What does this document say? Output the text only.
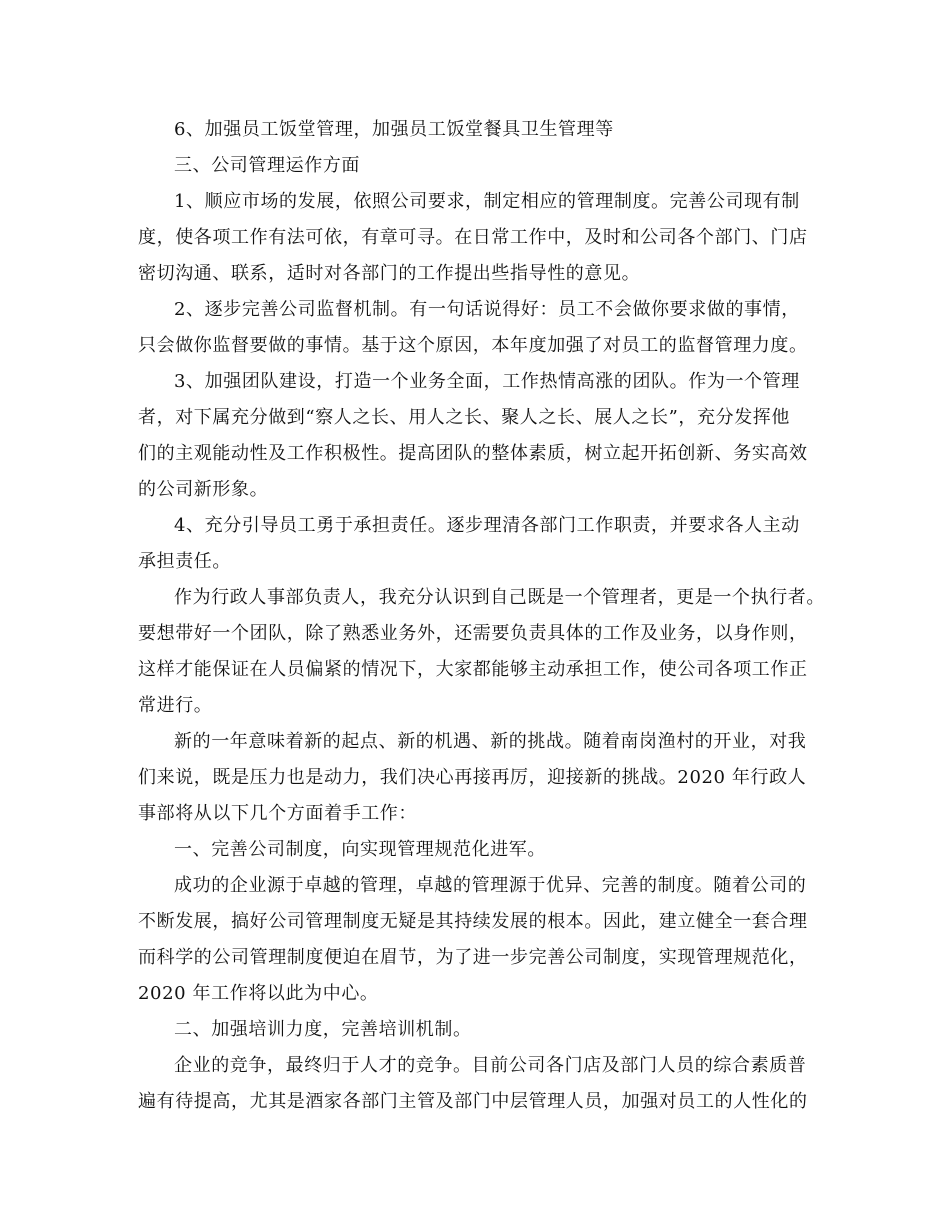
6、加强员工饭堂管理，加强员工饭堂餐具卫生管理等
三、公司管理运作方面
1、顺应市场的发展，依照公司要求，制定相应的管理制度。完善公司现有制
度，使各项工作有法可依，有章可寻。在日常工作中，及时和公司各个部门、门店
密切沟通、联系，适时对各部门的工作提出些指导性的意见。
2、逐步完善公司监督机制。有一句话说得好：员工不会做你要求做的事情，
只会做你监督要做的事情。基于这个原因，本年度加强了对员工的监督管理力度。
3、加强团队建设，打造一个业务全面，工作热情高涨的团队。作为一个管理
者，对下属充分做到“察人之长、用人之长、聚人之长、展人之长”，充分发挥他
们的主观能动性及工作积极性。提高团队的整体素质，树立起开拓创新、务实高效
的公司新形象。
4、充分引导员工勇于承担责任。逐步理清各部门工作职责，并要求各人主动
承担责任。
作为行政人事部负责人，我充分认识到自己既是一个管理者，更是一个执行者。
要想带好一个团队，除了熟悉业务外，还需要负责具体的工作及业务，以身作则，
这样才能保证在人员偏紧的情况下，大家都能够主动承担工作，使公司各项工作正
常进行。
新的一年意味着新的起点、新的机遇、新的挑战。随着南岗渔村的开业，对我
们来说，既是压力也是动力，我们决心再接再厉，迎接新的挑战。2020 年行政人
事部将从以下几个方面着手工作：
一、完善公司制度，向实现管理规范化进军。
成功的企业源于卓越的管理，卓越的管理源于优异、完善的制度。随着公司的
不断发展，搞好公司管理制度无疑是其持续发展的根本。因此，建立健全一套合理
而科学的公司管理制度便迫在眉节，为了进一步完善公司制度，实现管理规范化，
2020 年工作将以此为中心。
二、加强培训力度，完善培训机制。
企业的竞争，最终归于人才的竞争。目前公司各门店及部门人员的综合素质普
遍有待提高，尤其是酒家各部门主管及部门中层管理人员，加强对员工的人性化的
